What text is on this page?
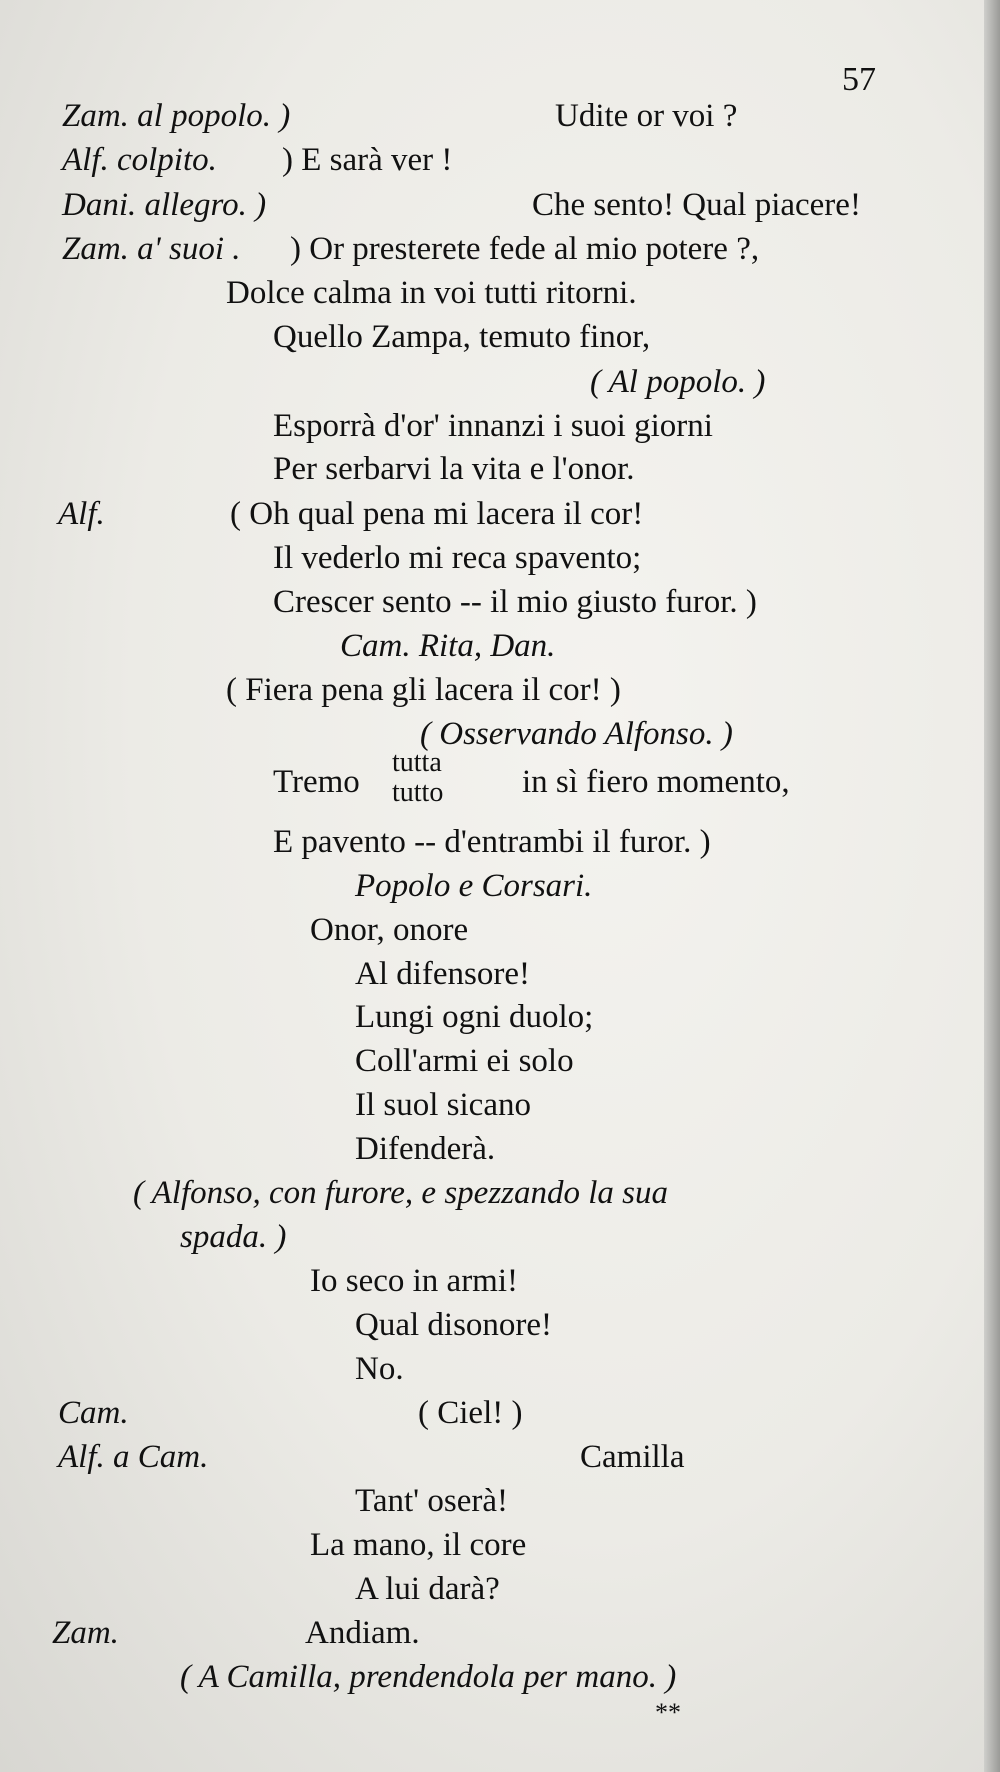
57
Zam. al popolo. )	Udite or voi ?
Alf. colpito. ) E sarà ver !
Dani. allegro. )	Che sento! Qual piacere!
Zam. a' suoi . ) Or presterete fede al mio potere ?,
Dolce calma in voi tutti ritorni.
Quello Zampa, temuto finor,
( Al popolo. )
Esporrà d'or' innanzi i suoi giorni
Per serbarvi la vita e l'onor.
Alf.	( Oh qual pena mi lacera il cor!
Il vederlo mi reca spavento;
Crescer sento -- il mio giusto furor. )
Cam. Rita, Dan.
( Fiera pena gli lacera il cor! )
( Osservando Alfonso. )
Tremo
tutta
tutto in sì fiero momento,
E pavento -- d'entrambi il furor. )
Popolo e Corsari.
Onor, onore
Al difensore!
Lungi ogni duolo;
Coll'armi ei solo
Il suol sicano
Difenderà.
( Alfonso, con furore, e spezzando la sua
spada. )
Io seco in armi!
Qual disonore!
No.
Cam.	( Ciel! )
Alf. a Cam.	Camilla
Tant' oserà!
La mano, il core
A lui darà?
Zam.	Andiam.
( A Camilla, prendendola per mano. )
**
